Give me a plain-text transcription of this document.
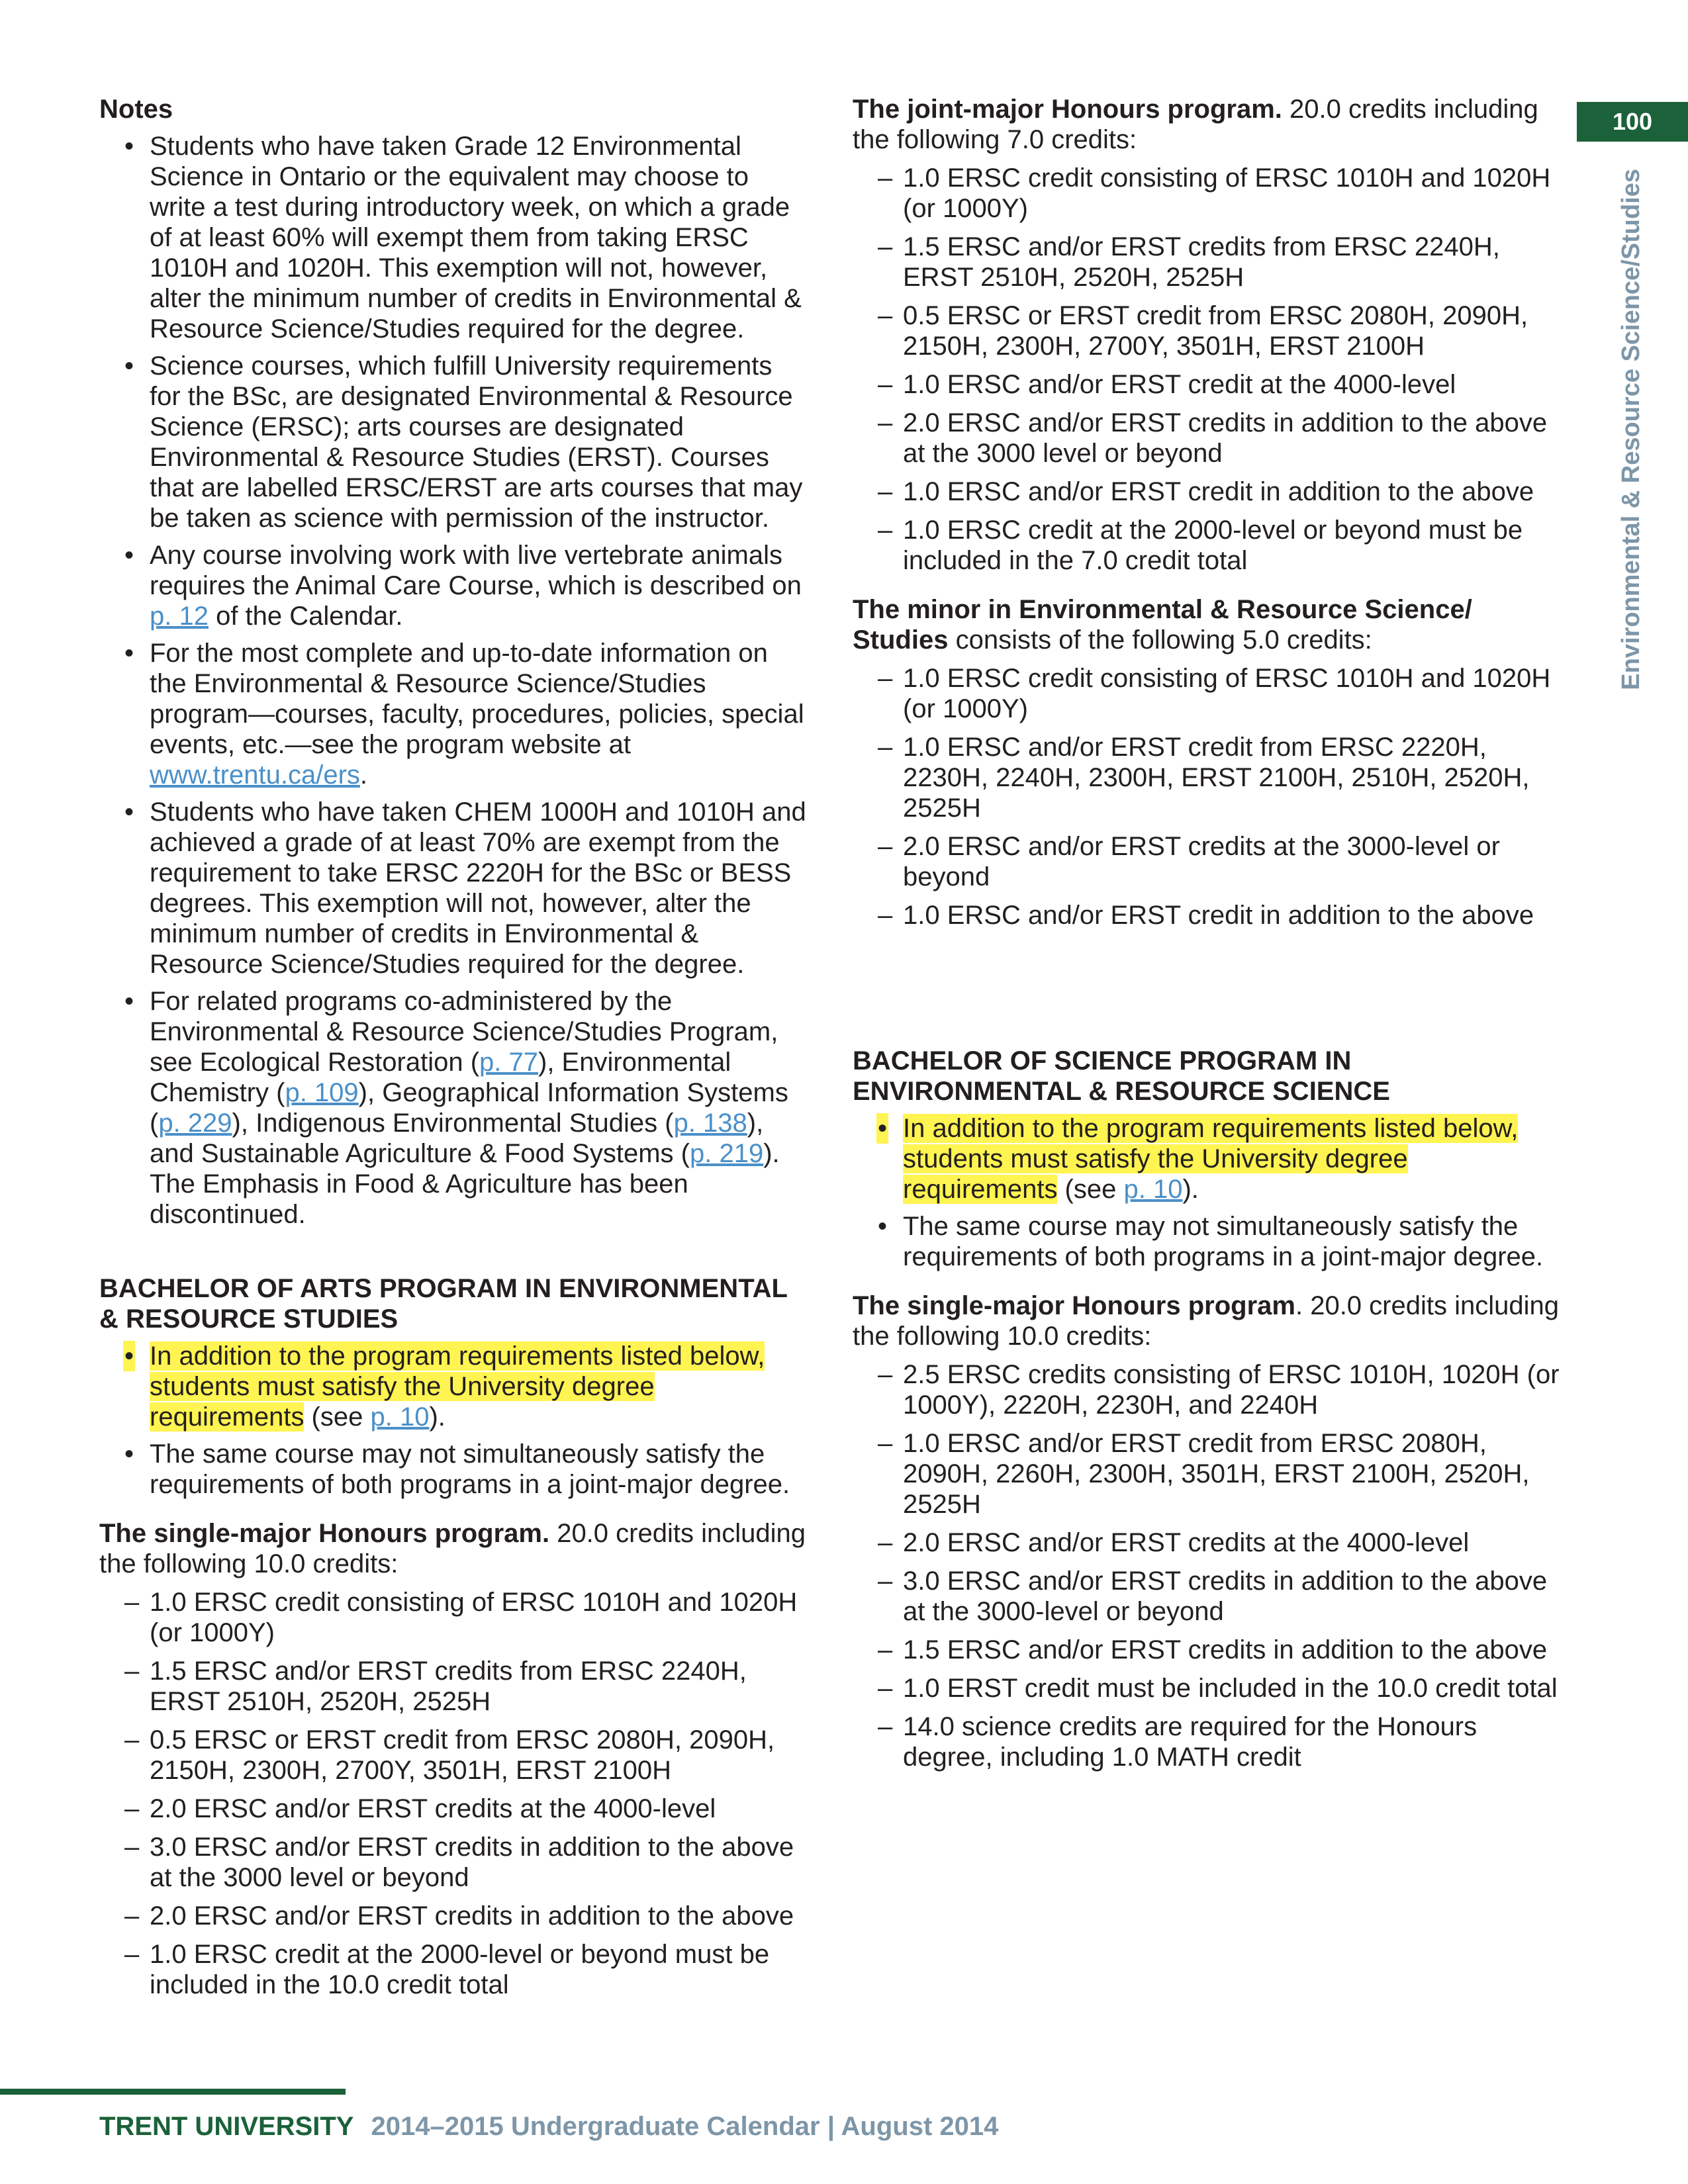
Notes

• Students who have taken Grade 12 Environmental Science in Ontario or the equivalent may choose to write a test during introductory week, on which a grade of at least 60% will exempt them from taking ERSC 1010H and 1020H. This exemption will not, however, alter the minimum number of credits in Environmental & Resource Science/Studies required for the degree.
• Science courses, which fulfill University requirements for the BSc, are designated Environmental & Resource Science (ERSC); arts courses are designated Environmental & Resource Studies (ERST). Courses that are labelled ERSC/ERST are arts courses that may be taken as science with permission of the instructor.
• Any course involving work with live vertebrate animals requires the Animal Care Course, which is described on p. 12 of the Calendar.
• For the most complete and up-to-date information on the Environmental & Resource Science/Studies program—courses, faculty, procedures, policies, special events, etc.—see the program website at www.trentu.ca/ers.
• Students who have taken CHEM 1000H and 1010H and achieved a grade of at least 70% are exempt from the requirement to take ERSC 2220H for the BSc or BESS degrees. This exemption will not, however, alter the minimum number of credits in Environmental & Resource Science/Studies required for the degree.
• For related programs co-administered by the Environmental & Resource Science/Studies Program, see Ecological Restoration (p. 77), Environmental Chemistry (p. 109), Geographical Information Systems (p. 229), Indigenous Environmental Studies (p. 138), and Sustainable Agriculture & Food Systems (p. 219). The Emphasis in Food & Agriculture has been discontinued.

BACHELOR OF ARTS PROGRAM IN ENVIRONMENTAL & RESOURCE STUDIES

• In addition to the program requirements listed below, students must satisfy the University degree requirements (see p. 10).
• The same course may not simultaneously satisfy the requirements of both programs in a joint-major degree.

The single-major Honours program. 20.0 credits including the following 10.0 credits:

– 1.0 ERSC credit consisting of ERSC 1010H and 1020H (or 1000Y)
– 1.5 ERSC and/or ERST credits from ERSC 2240H, ERST 2510H, 2520H, 2525H
– 0.5 ERSC or ERST credit from ERSC 2080H, 2090H, 2150H, 2300H, 2700Y, 3501H, ERST 2100H
– 2.0 ERSC and/or ERST credits at the 4000-level
– 3.0 ERSC and/or ERST credits in addition to the above at the 3000 level or beyond
– 2.0 ERSC and/or ERST credits in addition to the above
– 1.0 ERSC credit at the 2000-level or beyond must be included in the 10.0 credit total

The joint-major Honours program. 20.0 credits including the following 7.0 credits:

– 1.0 ERSC credit consisting of ERSC 1010H and 1020H (or 1000Y)
– 1.5 ERSC and/or ERST credits from ERSC 2240H, ERST 2510H, 2520H, 2525H
– 0.5 ERSC or ERST credit from ERSC 2080H, 2090H, 2150H, 2300H, 2700Y, 3501H, ERST 2100H
– 1.0 ERSC and/or ERST credit at the 4000-level
– 2.0 ERSC and/or ERST credits in addition to the above at the 3000 level or beyond
– 1.0 ERSC and/or ERST credit in addition to the above
– 1.0 ERSC credit at the 2000-level or beyond must be included in the 7.0 credit total

The minor in Environmental & Resource Science/ Studies consists of the following 5.0 credits:

– 1.0 ERSC credit consisting of ERSC 1010H and 1020H (or 1000Y)
– 1.0 ERSC and/or ERST credit from ERSC 2220H, 2230H, 2240H, 2300H, ERST 2100H, 2510H, 2520H, 2525H
– 2.0 ERSC and/or ERST credits at the 3000-level or beyond
– 1.0 ERSC and/or ERST credit in addition to the above

BACHELOR OF SCIENCE PROGRAM IN ENVIRONMENTAL & RESOURCE SCIENCE

• In addition to the program requirements listed below, students must satisfy the University degree requirements (see p. 10).
• The same course may not simultaneously satisfy the requirements of both programs in a joint-major degree.

The single-major Honours program. 20.0 credits including the following 10.0 credits:

– 2.5 ERSC credits consisting of ERSC 1010H, 1020H (or 1000Y), 2220H, 2230H, and 2240H
– 1.0 ERSC and/or ERST credit from ERSC 2080H, 2090H, 2260H, 2300H, 3501H, ERST 2100H, 2520H, 2525H
– 2.0 ERSC and/or ERST credits at the 4000-level
– 3.0 ERSC and/or ERST credits in addition to the above at the 3000-level or beyond
– 1.5 ERSC and/or ERST credits in addition to the above
– 1.0 ERST credit must be included in the 10.0 credit total
– 14.0 science credits are required for the Honours degree, including 1.0 MATH credit
100
Environmental & Resource Science/Studies
TRENT UNIVERSITY 2014–2015 Undergraduate Calendar | August 2014
